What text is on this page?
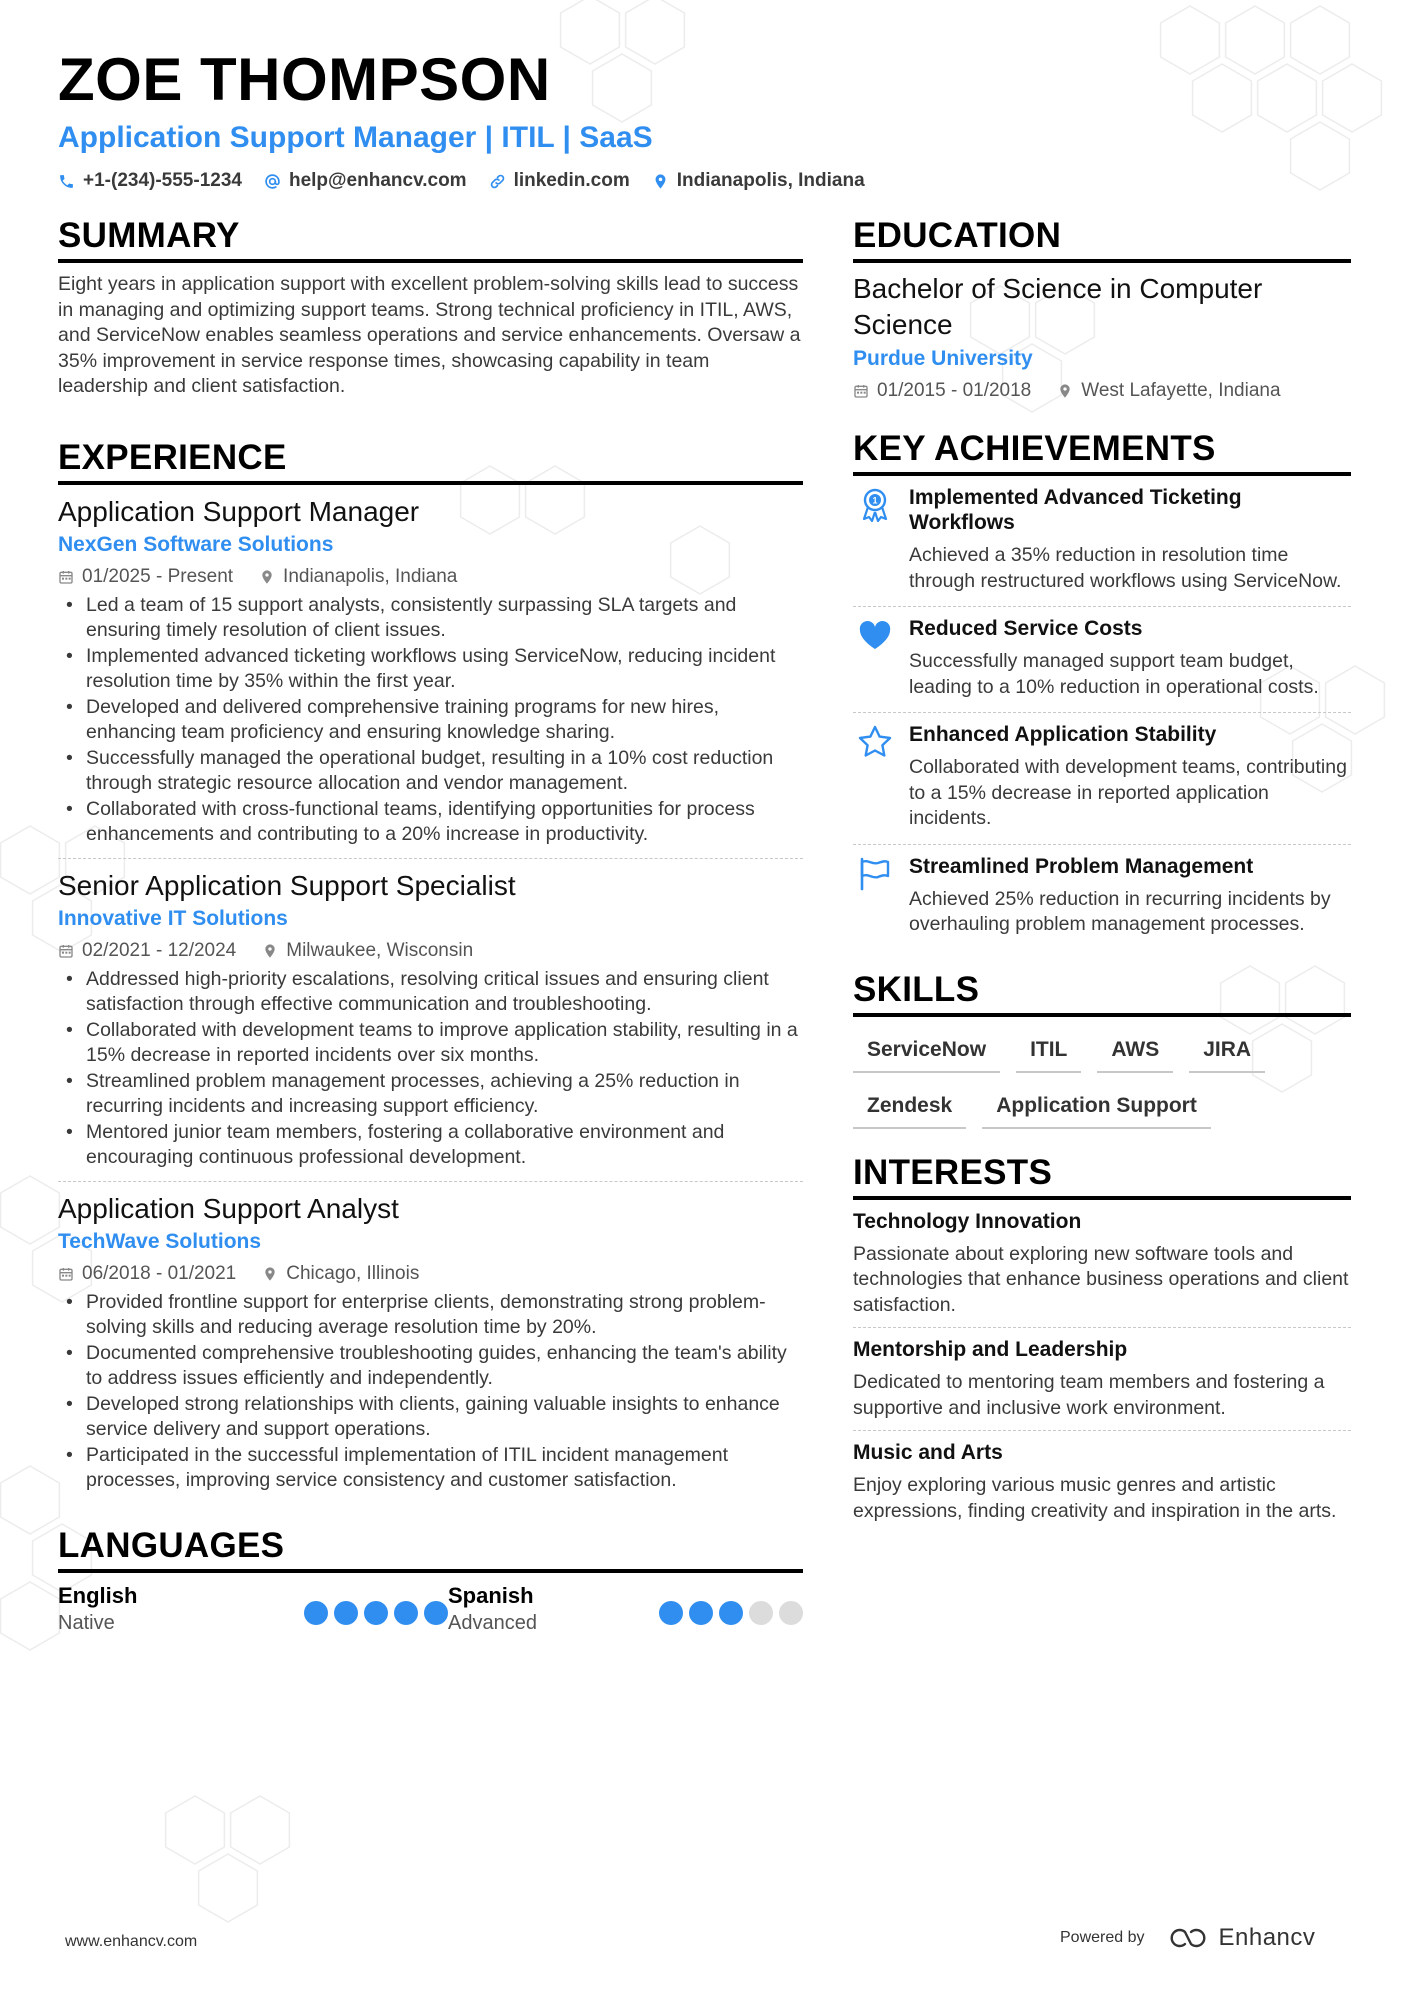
ZOE THOMPSON
Application Support Manager | ITIL | SaaS
+1-(234)-555-1234 help@enhancv.com linkedin.com Indianapolis, Indiana
SUMMARY

Eight years in application support with excellent problem-solving skills lead to success in managing and optimizing support teams. Strong technical proficiency in ITIL, AWS, and ServiceNow enables seamless operations and service enhancements. Oversaw a 35% improvement in service response times, showcasing capability in team leadership and client satisfaction.

EXPERIENCE
Application Support Manager
NexGen Software Solutions
01/2025 - Present	Indianapolis, Indiana
• Led a team of 15 support analysts, consistently surpassing SLA targets and ensuring timely resolution of client issues.
• Implemented advanced ticketing workflows using ServiceNow, reducing incident resolution time by 35% within the first year.
• Developed and delivered comprehensive training programs for new hires, enhancing team proficiency and ensuring knowledge sharing.
• Successfully managed the operational budget, resulting in a 10% cost reduction through strategic resource allocation and vendor management.
• Collaborated with cross-functional teams, identifying opportunities for process enhancements and contributing to a 20% increase in productivity.
Senior Application Support Specialist
Innovative IT Solutions
02/2021 - 12/2024	Milwaukee, Wisconsin
• Addressed high-priority escalations, resolving critical issues and ensuring client satisfaction through effective communication and troubleshooting.
• Collaborated with development teams to improve application stability, resulting in a 15% decrease in reported incidents over six months.
• Streamlined problem management processes, achieving a 25% reduction in recurring incidents and increasing support efficiency.
• Mentored junior team members, fostering a collaborative environment and encouraging continuous professional development.
Application Support Analyst
TechWave Solutions
06/2018 - 01/2021	Chicago, Illinois
• Provided frontline support for enterprise clients, demonstrating strong problem-solving skills and reducing average resolution time by 20%.
• Documented comprehensive troubleshooting guides, enhancing the team's ability to address issues efficiently and independently.
• Developed strong relationships with clients, gaining valuable insights to enhance service delivery and support operations.
• Participated in the successful implementation of ITIL incident management processes, improving service consistency and customer satisfaction.
LANGUAGES
English
Native
Spanish
Advanced
EDUCATION
Bachelor of Science in Computer Science
Purdue University
01/2015 - 01/2018	West Lafayette, Indiana
KEY ACHIEVEMENTS
1 Implemented Advanced Ticketing Workflows
Achieved a 35% reduction in resolution time through restructured workflows using ServiceNow.
Reduced Service Costs
Successfully managed support team budget, leading to a 10% reduction in operational costs.
Enhanced Application Stability
Collaborated with development teams, contributing to a 15% decrease in reported application incidents.
Streamlined Problem Management
Achieved 25% reduction in recurring incidents by overhauling problem management processes.
SKILLS
ServiceNow	ITIL	AWS	JIRA
Zendesk	Application Support
INTERESTS
Technology Innovation
Passionate about exploring new software tools and technologies that enhance business operations and client satisfaction.
Mentorship and Leadership
Dedicated to mentoring team members and fostering a supportive and inclusive work environment.
Music and Arts
Enjoy exploring various music genres and artistic expressions, finding creativity and inspiration in the arts.
www.enhancv.com	Powered by	Enhancv
